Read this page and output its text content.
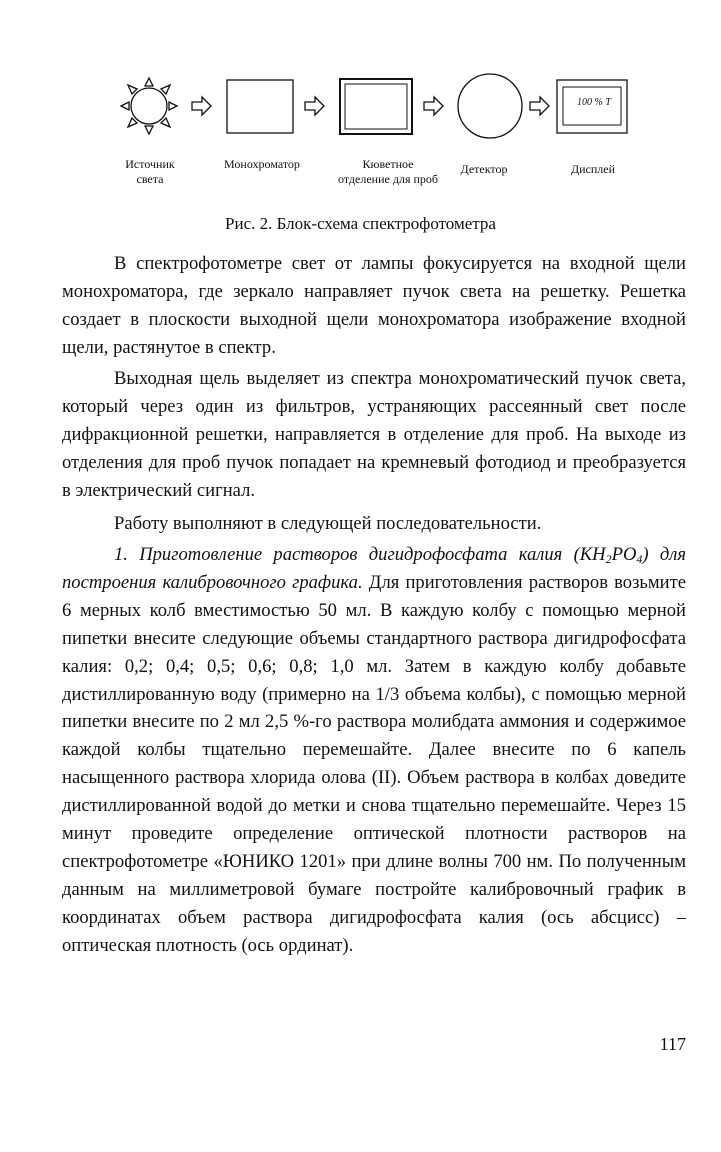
100 % T
Источник
света
Монохроматор	Кюветное
отделение для проб
Детектор	Дисплей
Рис. 2. Блок-схема спектрофотометра

В спектрофотометре свет от лампы фокусируется на входной щели монохроматора, где зеркало направляет пучок света на решетку. Решетка создает в плоскости выходной щели монохроматора изображение входной щели, растянутое в спектр.

Выходная щель выделяет из спектра монохроматический пучок света, который через один из фильтров, устраняющих рассеянный свет после дифракционной решетки, направляется в отделение для проб. На выходе из отделения для проб пучок попадает на кремневый фотодиод и преобразуется в электрический сигнал.

Работу выполняют в следующей последовательности.

1. Приготовление растворов дигидрофосфата калия $(KH_2PO_4)$ для построения калибровочного графика. Для приготовления растворов возьмите 6 мерных колб вместимостью 50 мл. В каждую колбу с помощью мерной пипетки внесите следующие объемы стандартного раствора дигидрофосфата калия: 0,2; 0,4; 0,5; 0,6; 0,8; 1,0 мл. Затем в каждую колбу добавьте дистиллированную воду (примерно на 1/3 объема колбы), с помощью мерной пипетки внесите по 2 мл 2,5 %-го раствора молибдата аммония и содержимое каждой колбы тщательно перемешайте. Далее внесите по 6 капель насыщенного раствора хлорида олова (II). Объем раствора в колбах доведите дистиллированной водой до метки и снова тщательно перемешайте. Через 15 минут проведите определение оптической плотности растворов на спектрофотометре «ЮНИКО 1201» при длине волны 700 нм. По полученным данным на миллиметровой бумаге постройте калибровочный график в координатах объем раствора дигидрофосфата калия (ось абсцисс) – оптическая плотность (ось ординат).

117
